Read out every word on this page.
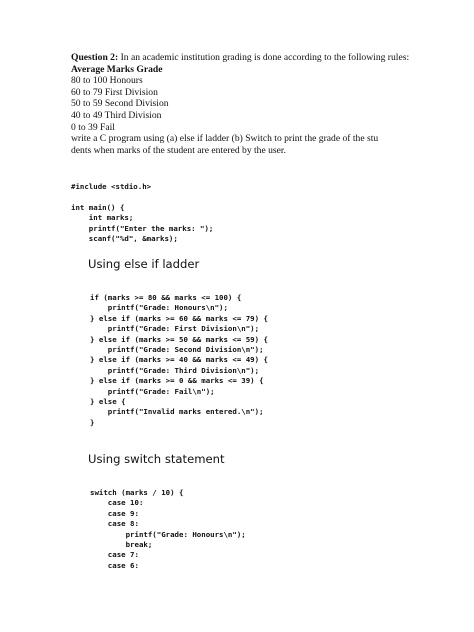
Question 2: In an academic institution grading is done according to the following rules:
Average Marks Grade
80 to 100 Honours
60 to 79 First Division
50 to 59 Second Division
40 to 49 Third Division
0 to 39 Fail
write a C program using (a) else if ladder (b) Switch to print the grade of the stu
dents when marks of the student are entered by the user.
#include <stdio.h>

int main() {
int marks;
printf("Enter the marks: ");
scanf("%d", &marks);
Using else if ladder
if (marks >= 80 && marks <= 100) {
printf("Grade: Honours\n");
} else if (marks >= 60 && marks <= 79) {
printf("Grade: First Division\n");
} else if (marks >= 50 && marks <= 59) {
printf("Grade: Second Division\n");
} else if (marks >= 40 && marks <= 49) {
printf("Grade: Third Division\n");
} else if (marks >= 0 && marks <= 39) {
printf("Grade: Fail\n");
} else {
printf("Invalid marks entered.\n");
}
Using switch statement
switch (marks / 10) {
case 10:
case 9:
case 8:
printf("Grade: Honours\n");
break;
case 7:
case 6:
